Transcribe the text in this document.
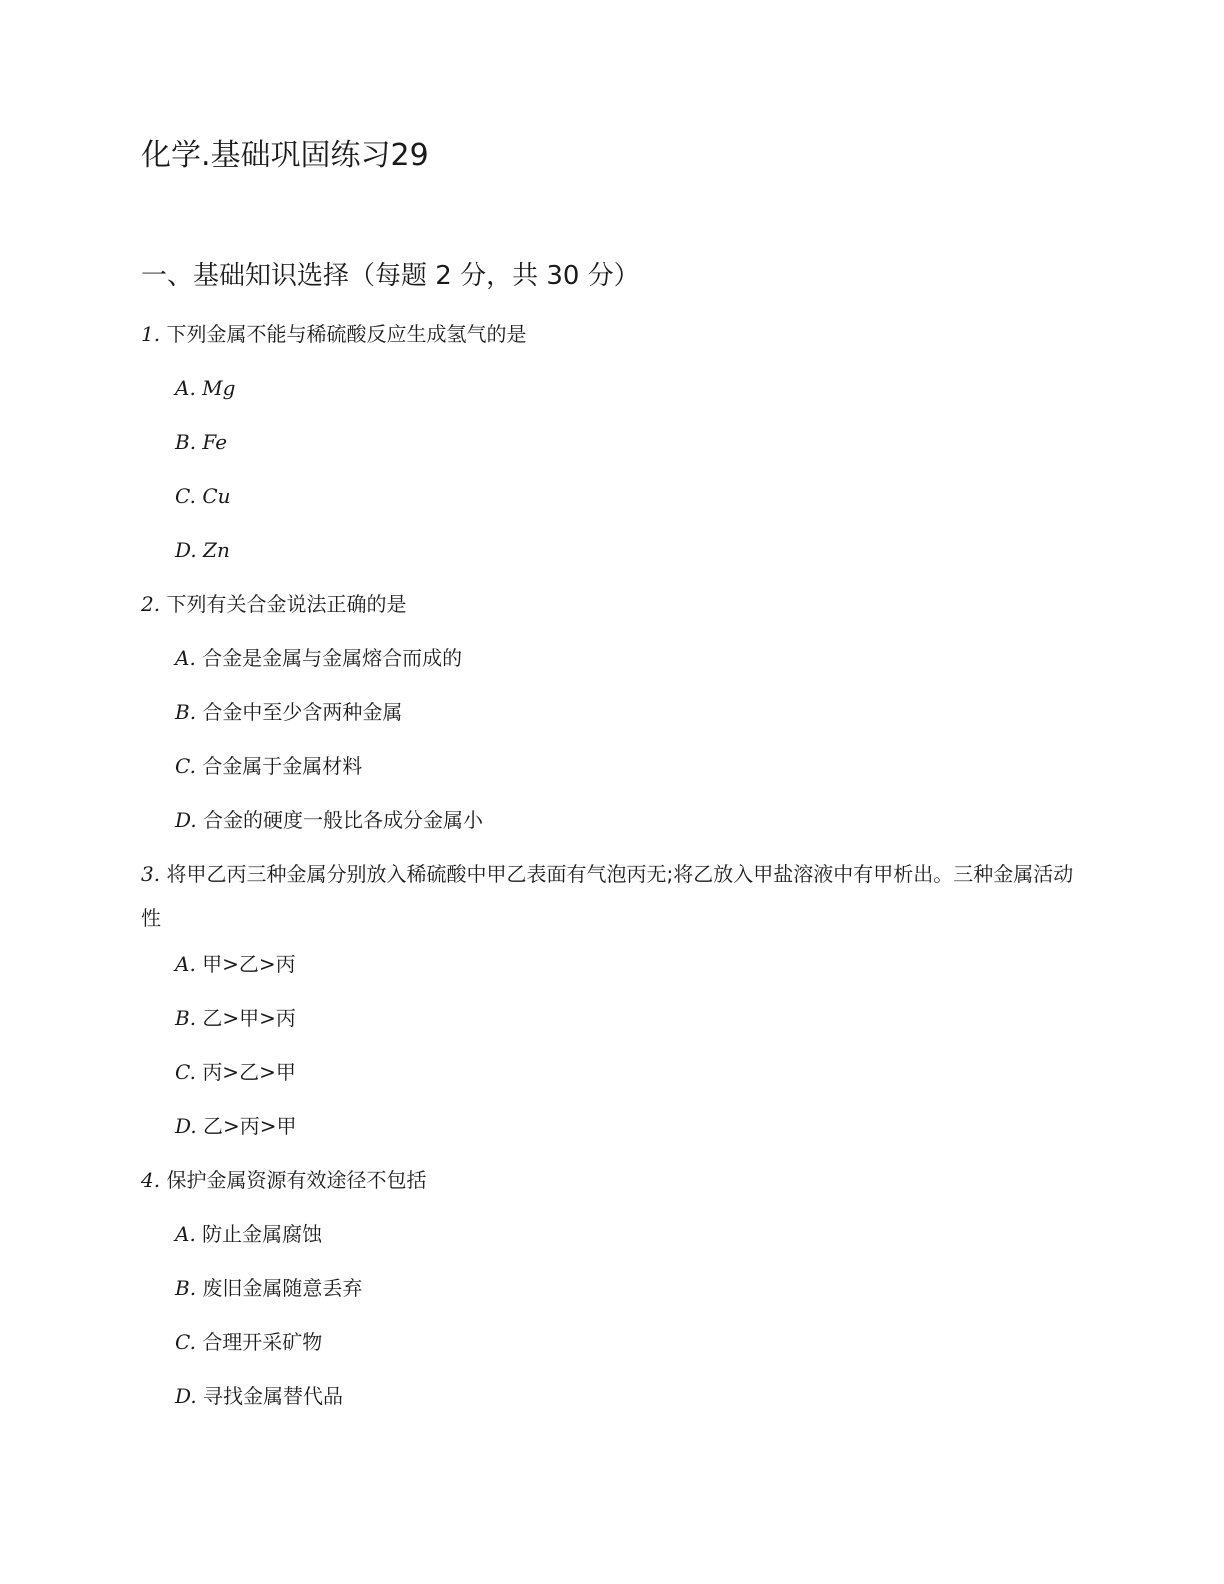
化学.基础巩固练习29
一、基础知识选择（每题 2 分，共 30 分）
1. 下列金属不能与稀硫酸反应生成氢气的是
A. Mg
B. Fe
C. Cu
D. Zn
2. 下列有关合金说法正确的是
A. 合金是金属与金属熔合而成的
B. 合金中至少含两种金属
C. 合金属于金属材料
D. 合金的硬度一般比各成分金属小
3. 将甲乙丙三种金属分别放入稀硫酸中甲乙表面有气泡丙无;将乙放入甲盐溶液中有甲析出。三种金属活动性
A. 甲>乙>丙
B. 乙>甲>丙
C. 丙>乙>甲
D. 乙>丙>甲
4. 保护金属资源有效途径不包括
A. 防止金属腐蚀
B. 废旧金属随意丢弃
C. 合理开采矿物
D. 寻找金属替代品
